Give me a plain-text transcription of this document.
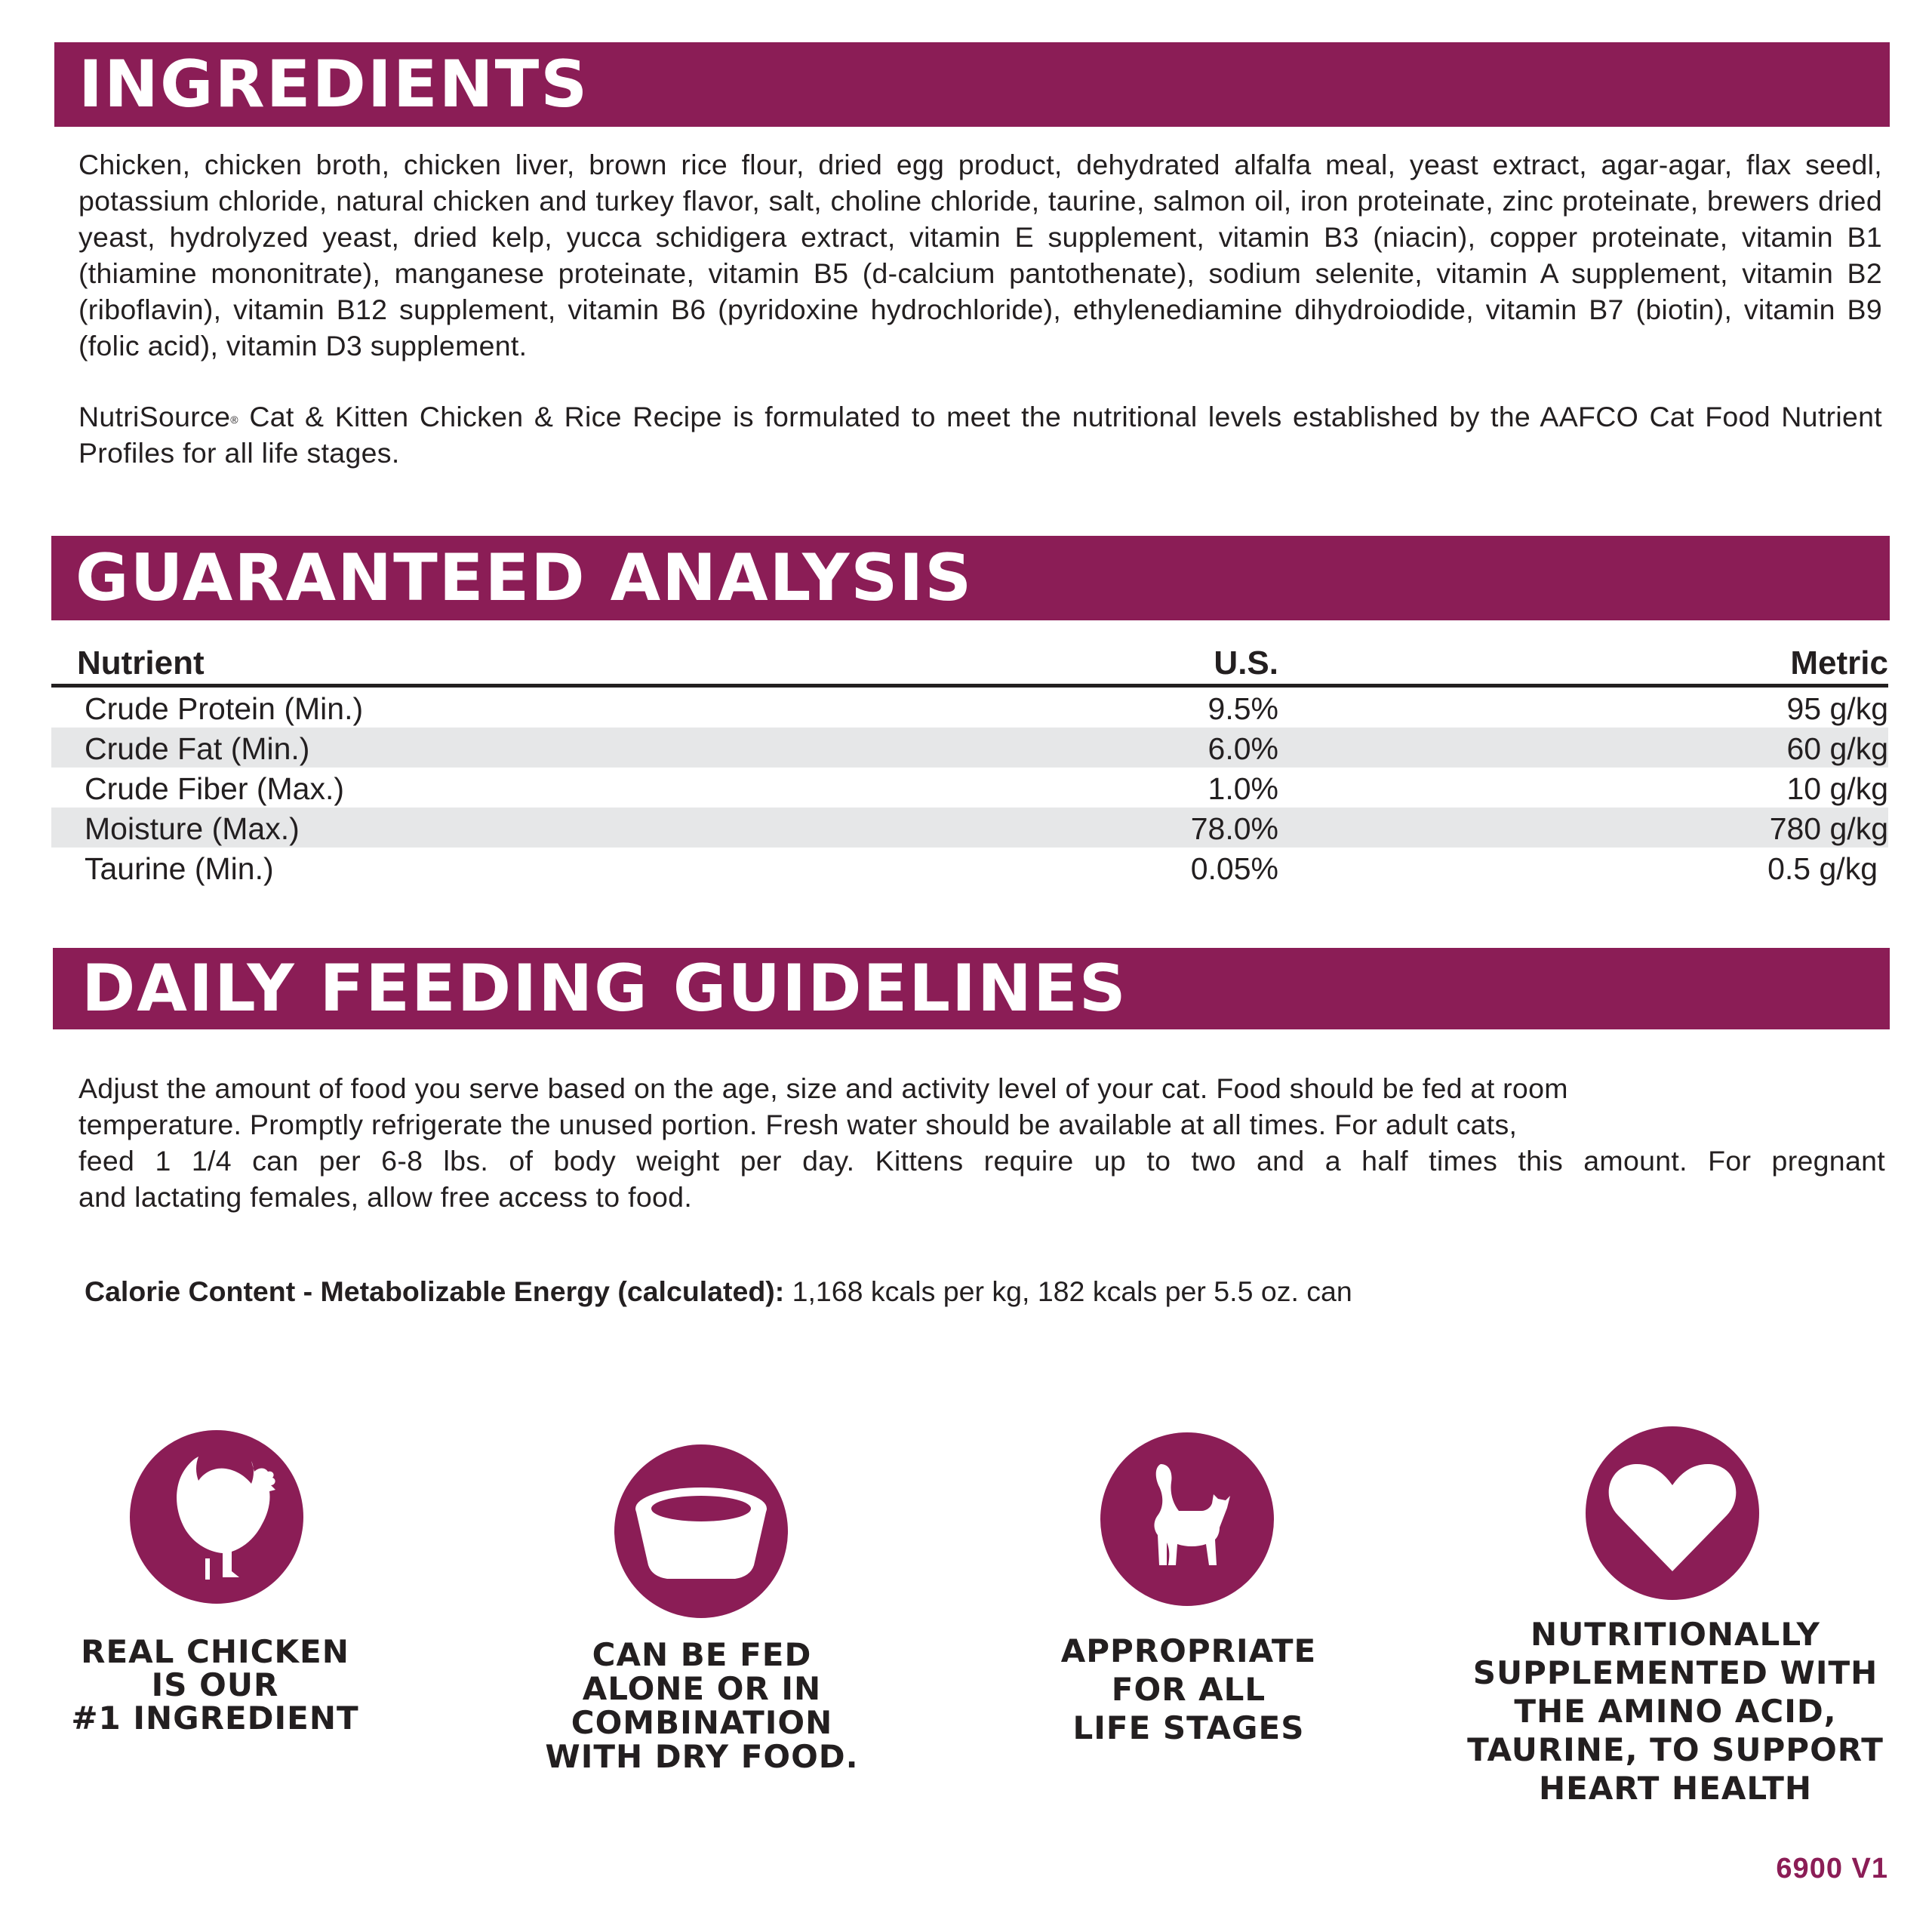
INGREDIENTS

Chicken, chicken broth, chicken liver, brown rice flour, dried egg product, dehydrated alfalfa meal, yeast extract, agar-agar, flax seedl, potassium chloride, natural chicken and turkey flavor, salt, choline chloride, taurine, salmon oil, iron proteinate, zinc proteinate, brewers dried yeast, hydrolyzed yeast, dried kelp, yucca schidigera extract, vitamin E supplement, vitamin B3 (niacin), copper proteinate, vitamin B1 (thiamine mononitrate), manganese proteinate, vitamin B5 (d-calcium pantothenate), sodium selenite, vitamin A supplement, vitamin B2 (riboflavin), vitamin B12 supplement, vitamin B6 (pyridoxine hydrochloride), ethylenediamine dihydroiodide, vitamin B7 (biotin), vitamin B9 (folic acid), vitamin D3 supplement.

NutriSource® Cat & Kitten Chicken & Rice Recipe is formulated to meet the nutritional levels established by the AAFCO Cat Food Nutrient Profiles for all life stages.

GUARANTEED ANALYSIS
Nutrient	U.S.	Metric
Crude Protein (Min.)	9.5%	95 g/kg
Crude Fat (Min.)	6.0%	60 g/kg
Crude Fiber (Max.)	1.0%	10 g/kg
Moisture (Max.)	78.0%	780 g/kg
Taurine (Min.)	0.05%	0.5 g/kg
DAILY FEEDING GUIDELINES

Adjust the amount of food you serve based on the age, size and activity level of your cat. Food should be fed at room

temperature. Promptly refrigerate the unused portion. Fresh water should be available at all times. For adult cats,

feed 1 1/4 can per 6-8 lbs. of body weight per day. Kittens require up to two and a half times this amount. For pregnant

and lactating females, allow free access to food.

Calorie Content - Metabolizable Energy (calculated): 1,168 kcals per kg, 182 kcals per 5.5 oz. can
REAL CHICKEN
IS OUR
#1 INGREDIENT
CAN BE FED
ALONE OR IN
COMBINATION
WITH DRY FOOD.
APPROPRIATE
FOR ALL
LIFE STAGES
NUTRITIONALLY
SUPPLEMENTED WITH
THE AMINO ACID,
TAURINE, TO SUPPORT
HEART HEALTH
6900 V1
